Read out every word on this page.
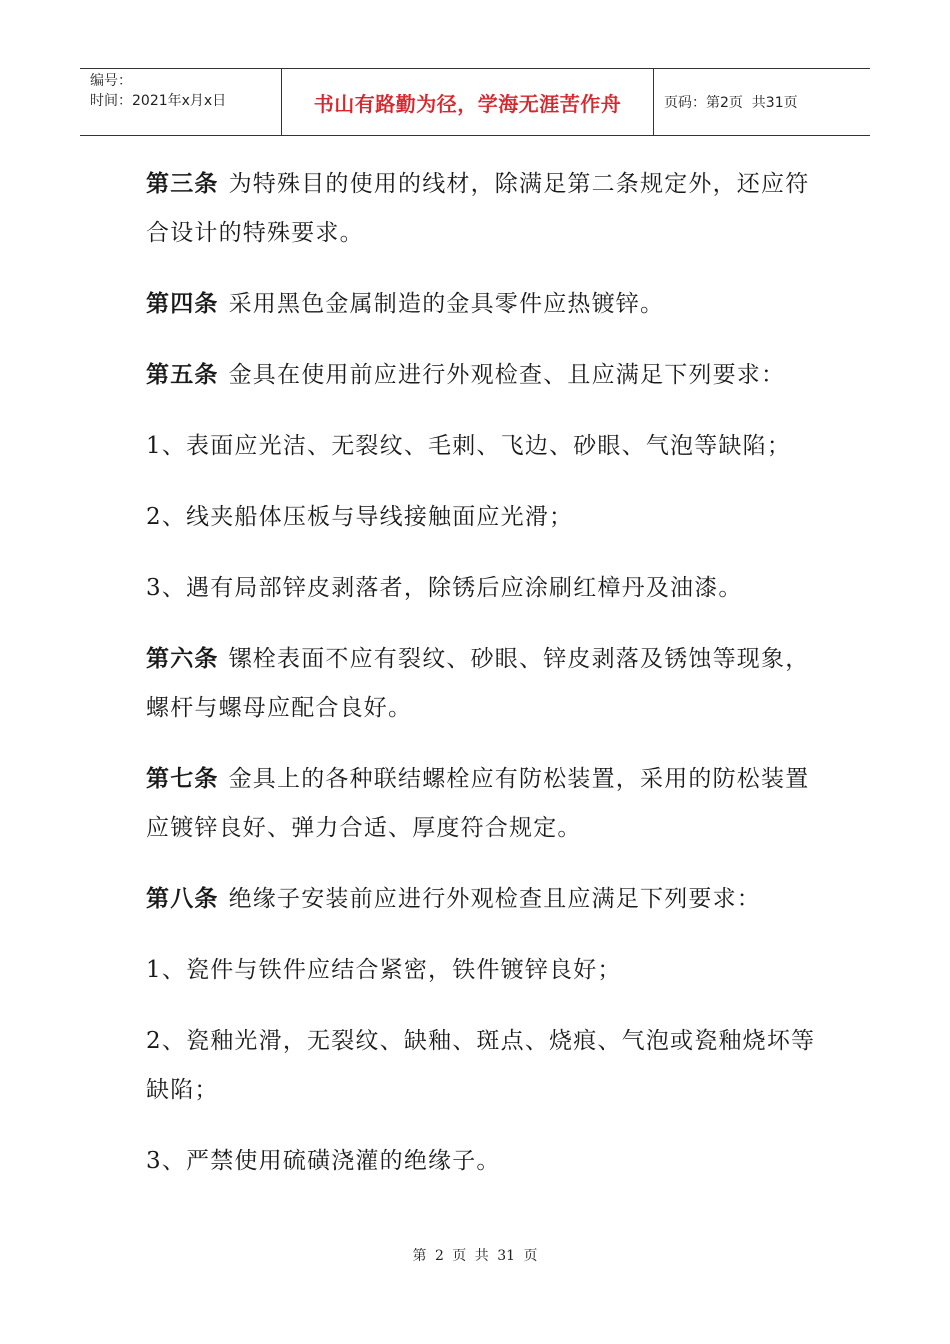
编号：
时间：2021年x月x日	书山有路勤为径，学海无涯苦作舟	页码：第2页  共31页

第三条 为特殊目的使用的线材，除满足第二条规定外，还应符合设计的特殊要求。

第四条 采用黑色金属制造的金具零件应热镀锌。

第五条 金具在使用前应进行外观检查、且应满足下列要求：

1、表面应光洁、无裂纹、毛刺、飞边、砂眼、气泡等缺陷；

2、线夹船体压板与导线接触面应光滑；

3、遇有局部锌皮剥落者，除锈后应涂刷红樟丹及油漆。

第六条 镙栓表面不应有裂纹、砂眼、锌皮剥落及锈蚀等现象，螺杆与螺母应配合良好。

第七条 金具上的各种联结螺栓应有防松装置，采用的防松装置应镀锌良好、弹力合适、厚度符合规定。

第八条 绝缘子安装前应进行外观检查且应满足下列要求：

1、瓷件与铁件应结合紧密，铁件镀锌良好；

2、瓷釉光滑，无裂纹、缺釉、斑点、烧痕、气泡或瓷釉烧坏等缺陷；

3、严禁使用硫磺浇灌的绝缘子。

第 2 页 共 31 页
